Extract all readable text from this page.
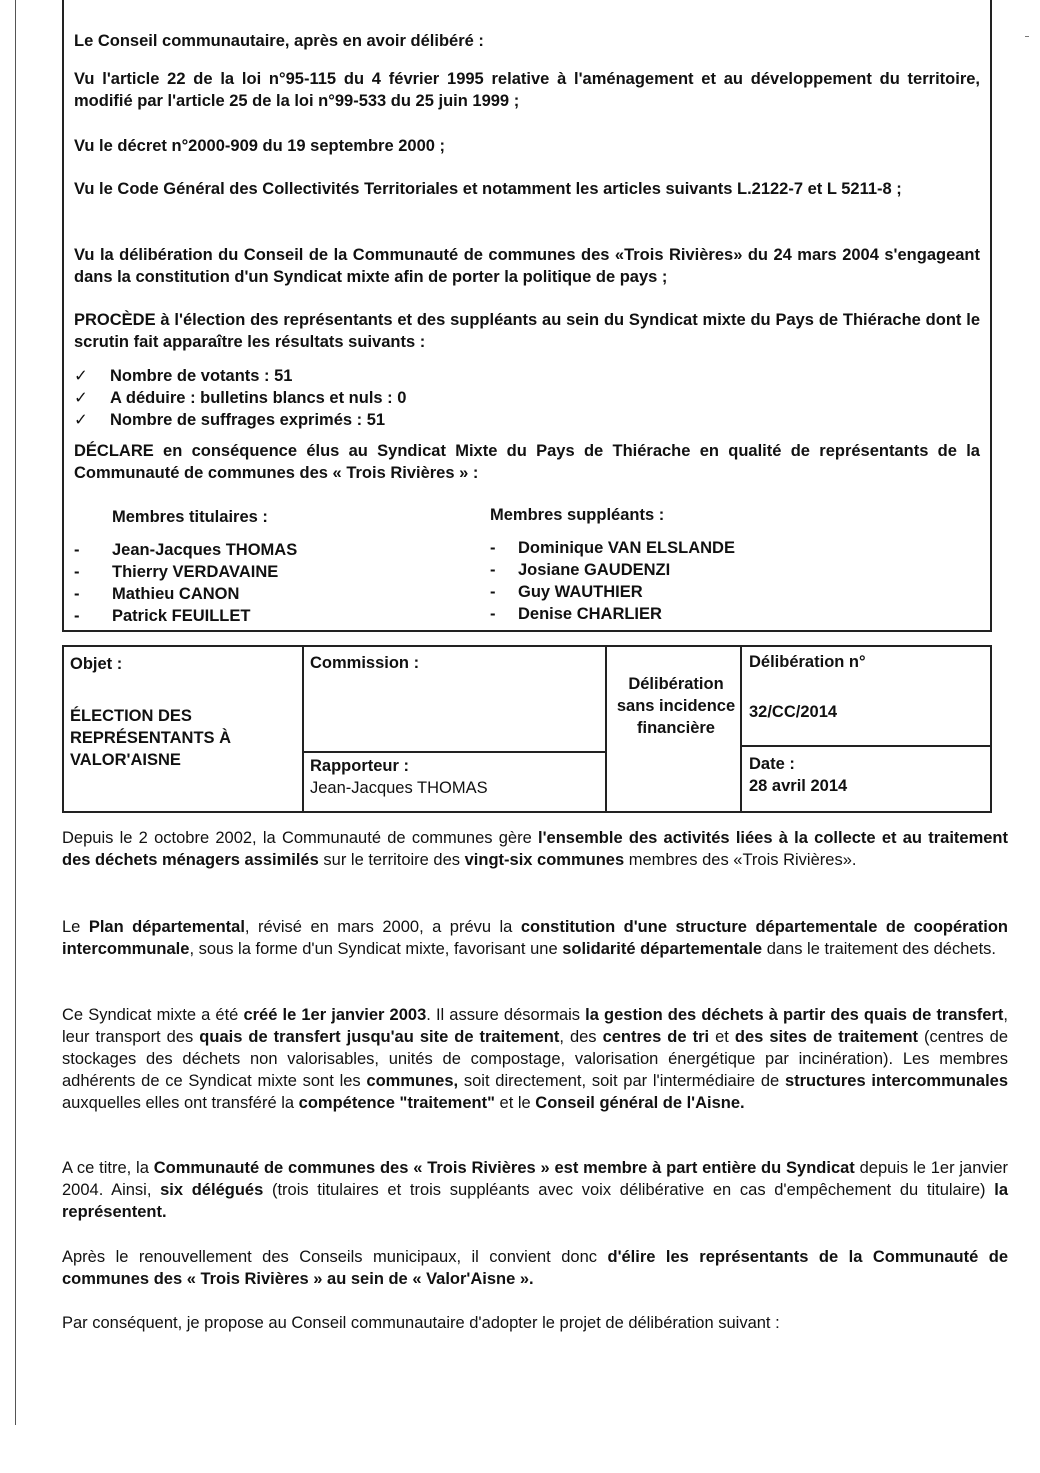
Le Conseil communautaire, après en avoir délibéré :

Vu l'article 22 de la loi n°95-115 du 4 février 1995 relative à l'aménagement et au développement du territoire, modifié par l'article 25 de la loi n°99-533 du 25 juin 1999 ;

Vu le décret n°2000-909 du 19 septembre 2000 ;

Vu le Code Général des Collectivités Territoriales et notamment les articles suivants L.2122-7 et L 5211-8 ;

Vu la délibération du Conseil de la Communauté de communes des «Trois Rivières» du 24 mars 2004 s'engageant dans la constitution d'un Syndicat mixte afin de porter la politique de pays ;

PROCÈDE à l'élection des représentants et des suppléants au sein du Syndicat mixte du Pays de Thiérache dont le scrutin fait apparaître les résultats suivants :

✓ Nombre de votants : 51
✓ A déduire : bulletins blancs et nuls : 0
✓ Nombre de suffrages exprimés : 51

DÉCLARE en conséquence élus au Syndicat Mixte du Pays de Thiérache en qualité de représentants de la Communauté de communes des « Trois Rivières » :

Membres titulaires :	Membres suppléants :
- Jean-Jacques THOMAS
- Thierry VERDAVAINE
- Mathieu CANON
- Patrick FEUILLET
- Dominique VAN ELSLANDE
- Josiane GAUDENZI
- Guy WAUTHIER
- Denise CHARLIER
Objet :
ÉLECTION DES REPRÉSENTANTS À VALOR'AISNE
Commission :
Rapporteur :
Jean-Jacques THOMAS
Délibération sans incidence financière
Délibération n°
32/CC/2014
Date :
28 avril 2014
Depuis le 2 octobre 2002, la Communauté de communes gère l'ensemble des activités liées à la collecte et au traitement des déchets ménagers assimilés sur le territoire des vingt-six communes membres des «Trois Rivières».
Le Plan départemental, révisé en mars 2000, a prévu la constitution d'une structure départementale de coopération intercommunale, sous la forme d'un Syndicat mixte, favorisant une solidarité départementale dans le traitement des déchets.
Ce Syndicat mixte a été créé le 1er janvier 2003. Il assure désormais la gestion des déchets à partir des quais de transfert, leur transport des quais de transfert jusqu'au site de traitement, des centres de tri et des sites de traitement (centres de stockages des déchets non valorisables, unités de compostage, valorisation énergétique par incinération). Les membres adhérents de ce Syndicat mixte sont les communes, soit directement, soit par l'intermédiaire de structures intercommunales auxquelles elles ont transféré la compétence "traitement" et le Conseil général de l'Aisne.
A ce titre, la Communauté de communes des « Trois Rivières » est membre à part entière du Syndicat depuis le 1er janvier 2004. Ainsi, six délégués (trois titulaires et trois suppléants avec voix délibérative en cas d'empêchement du titulaire) la représentent.
Après le renouvellement des Conseils municipaux, il convient donc d'élire les représentants de la Communauté de communes des « Trois Rivières » au sein de « Valor'Aisne ».
Par conséquent, je propose au Conseil communautaire d'adopter le projet de délibération suivant :
